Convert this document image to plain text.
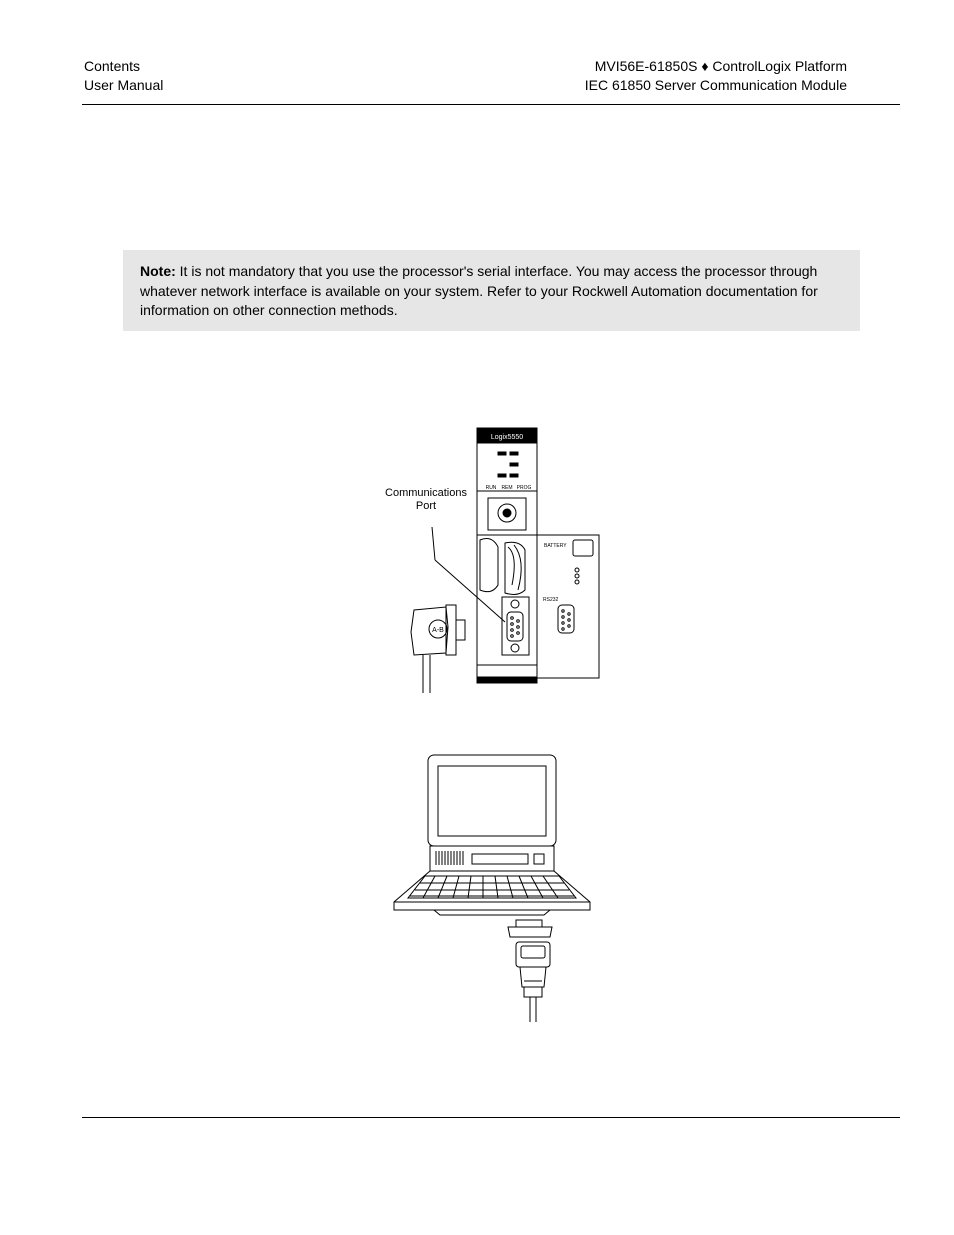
Contents
User Manual
MVI56E-61850S ♦ ControlLogix Platform
IEC 61850 Server Communication Module
Note: It is not mandatory that you use the processor's serial interface. You may access the processor through whatever network interface is available on your system. Refer to your Rockwell Automation documentation for information on other connection methods.
A-B
Logix5550
RUN REM PROG
BATTERY
RS232
Communications
Port
